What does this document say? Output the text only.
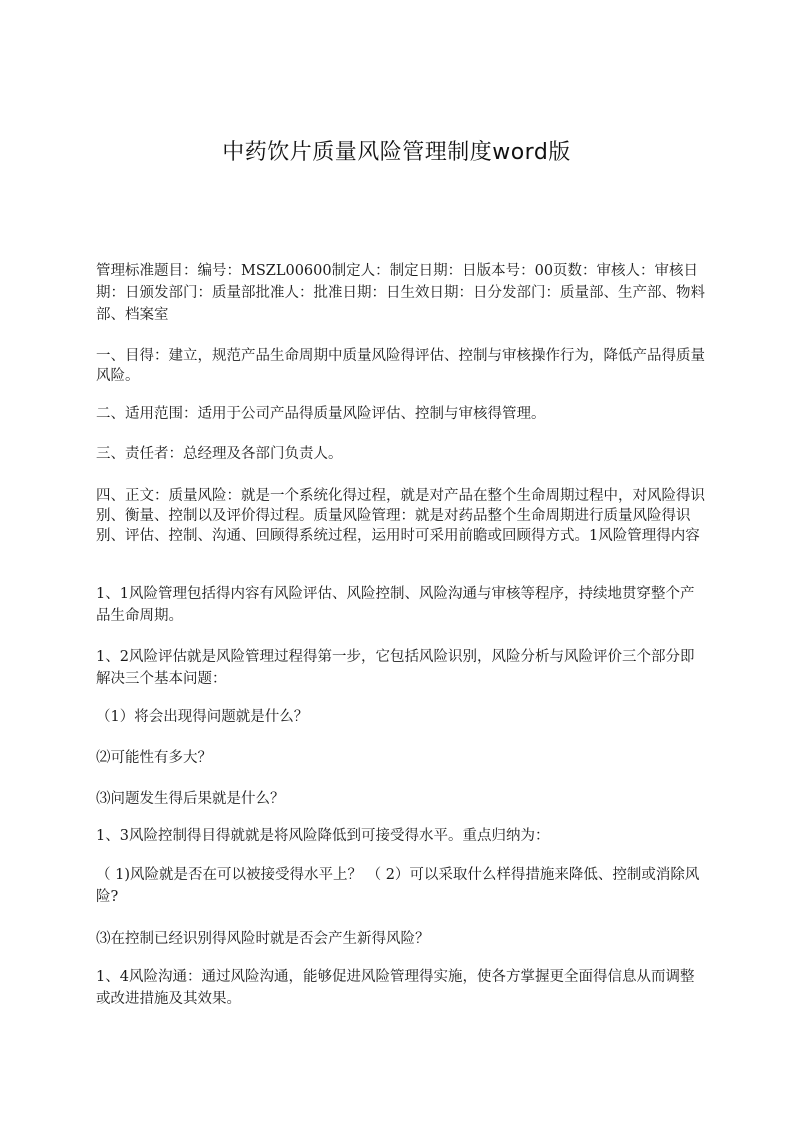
中药饮片质量风险管理制度word版

管理标准题目：编号：MSZL00600制定人：制定日期：日版本号：00页数：审核人：审核日期：日颁发部门：质量部批准人：批准日期：日生效日期：日分发部门：质量部、生产部、物料部、档案室

一、目得：建立，规范产品生命周期中质量风险得评估、控制与审核操作行为，降低产品得质量风险。

二、适用范围：适用于公司产品得质量风险评估、控制与审核得管理。

三、责任者：总经理及各部门负责人。

四、正文：质量风险：就是一个系统化得过程，就是对产品在整个生命周期过程中，对风险得识别、衡量、控制以及评价得过程。质量风险管理：就是对药品整个生命周期进行质量风险得识别、评估、控制、沟通、回顾得系统过程，运用时可采用前瞻或回顾得方式。1风险管理得内容

1、1风险管理包括得内容有风险评估、风险控制、风险沟通与审核等程序，持续地贯穿整个产品生命周期。

1、2风险评估就是风险管理过程得第一步，它包括风险识别，风险分析与风险评价三个部分即解决三个基本问题：

（1）将会出现得问题就是什么？

⑵可能性有多大？

⑶问题发生得后果就是什么？

1、3风险控制得目得就就是将风险降低到可接受得水平。重点归纳为：

（ 1)风险就是否在可以被接受得水平上？ （ 2）可以采取什么样得措施来降低、控制或消除风险?

⑶在控制已经识别得风险时就是否会产生新得风险？

1、4风险沟通：通过风险沟通，能够促进风险管理得实施，使各方掌握更全面得信息从而调整或改进措施及其效果。
